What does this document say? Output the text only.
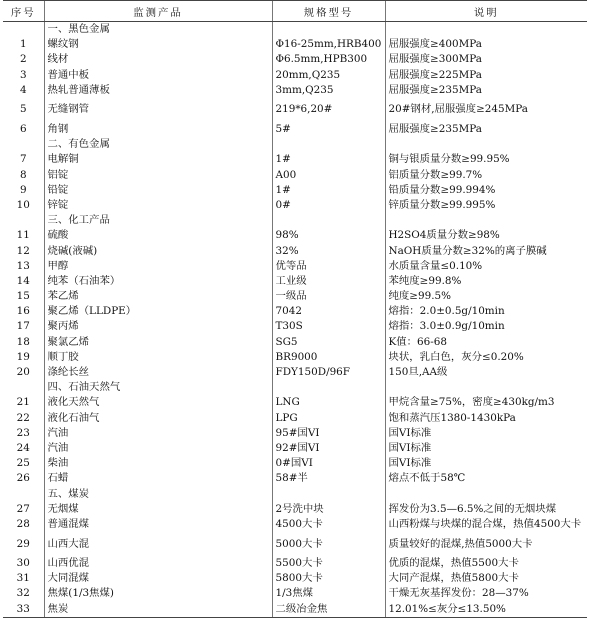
序号	监测产品	规格型号	说明
	一、黑色金属		
1	螺纹钢	Φ16-25mm,HRB400	屈服强度≥400MPa
2	线材	Φ6.5mm,HPB300	屈服强度≥300MPa
3	普通中板	20mm,Q235	屈服强度≥225MPa
4	热轧普通薄板	3mm,Q235	屈服强度≥235MPa
5	无缝钢管	219*6,20#	20#钢材,屈服强度≥245MPa
6	角钢	5#	屈服强度≥235MPa
	二、有色金属		
7	电解铜	1#	铜与银质量分数≥99.95%
8	铝锭	A00	铝质量分数≥99.7%
9	铅锭	1#	铅质量分数≥99.994%
10	锌锭	0#	锌质量分数≥99.995%
	三、化工产品		
11	硫酸	98%	H2SO4质量分数≥98%
12	烧碱(液碱)	32%	NaOH质量分数≥32%的离子膜碱
13	甲醇	优等品	水质量含量≤0.10%
14	纯苯（石油苯）	工业级	苯纯度≥99.8%
15	苯乙烯	一级品	纯度≥99.5%
16	聚乙烯（LLDPE）	7042	熔指：2.0±0.5g/10min
17	聚丙烯	T30S	熔指：3.0±0.9g/10min
18	聚氯乙烯	SG5	K值：66-68
19	顺丁胶	BR9000	块状，乳白色，灰分≤0.20%
20	涤纶长丝	FDY150D/96F	150旦,AA级
	四、石油天然气		
21	液化天然气	LNG	甲烷含量≥75%，密度≥430kg/m3
22	液化石油气	LPG	饱和蒸汽压1380-1430kPa
23	汽油	95#国VI	国VI标准
24	汽油	92#国VI	国VI标准
25	柴油	0#国VI	国VI标准
26	石蜡	58#半	熔点不低于58℃
	五、煤炭		
27	无烟煤	2号洗中块	挥发份为3.5—6.5%之间的无烟块煤
28	普通混煤	4500大卡	山西粉煤与块煤的混合煤，热值4500大卡
29	山西大混	5000大卡	质量较好的混煤,热值5000大卡
30	山西优混	5500大卡	优质的混煤，热值5500大卡
31	大同混煤	5800大卡	大同产混煤，热值5800大卡
32	焦煤(1/3焦煤)	1/3焦煤	干燥无灰基挥发份：28—37%
33	焦炭	二级冶金焦	12.01%≤灰分≤13.50%
